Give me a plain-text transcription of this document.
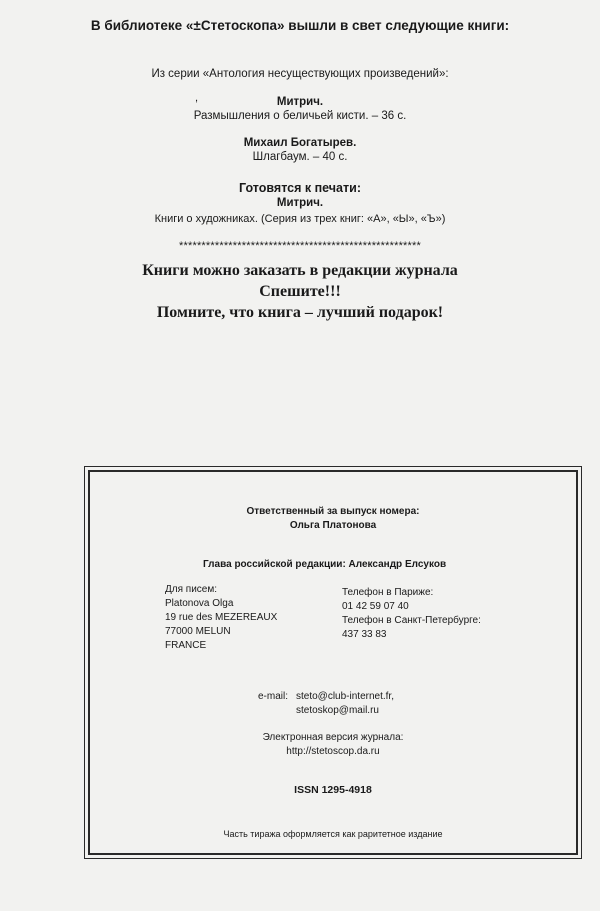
В библиотеке «±Стетоскопа» вышли в свет следующие книги:
Из серии «Антология несуществующих произведений»:
,	Митрич.
Размышления о беличьей кисти. – 36 с.
Михаил Богатырев.
Шлагбаум. – 40 с.
Готовятся к печати:
Митрич.
Книги о художниках. (Серия из трех книг: «А», «Ы», «Ъ»)
******************************************************
Книги можно заказать в редакции журнала
Спешите!!!
Помните, что книга – лучший подарок!
Ответственный за выпуск номера:
Ольга Платонова
Глава российской редакции: Александр Елсуков
Для писем:
Platonova Olga
19 rue des MEZEREAUX
77000 MELUN
FRANCE
Телефон в Париже:
01 42 59 07 40
Телефон в Санкт-Петербурге:
437 33 83
e-mail: steto@club-internet.fr,
stetoskop@mail.ru
Электронная версия журнала:
http://stetoscop.da.ru
ISSN 1295-4918
Часть тиража оформляется как раритетное издание
